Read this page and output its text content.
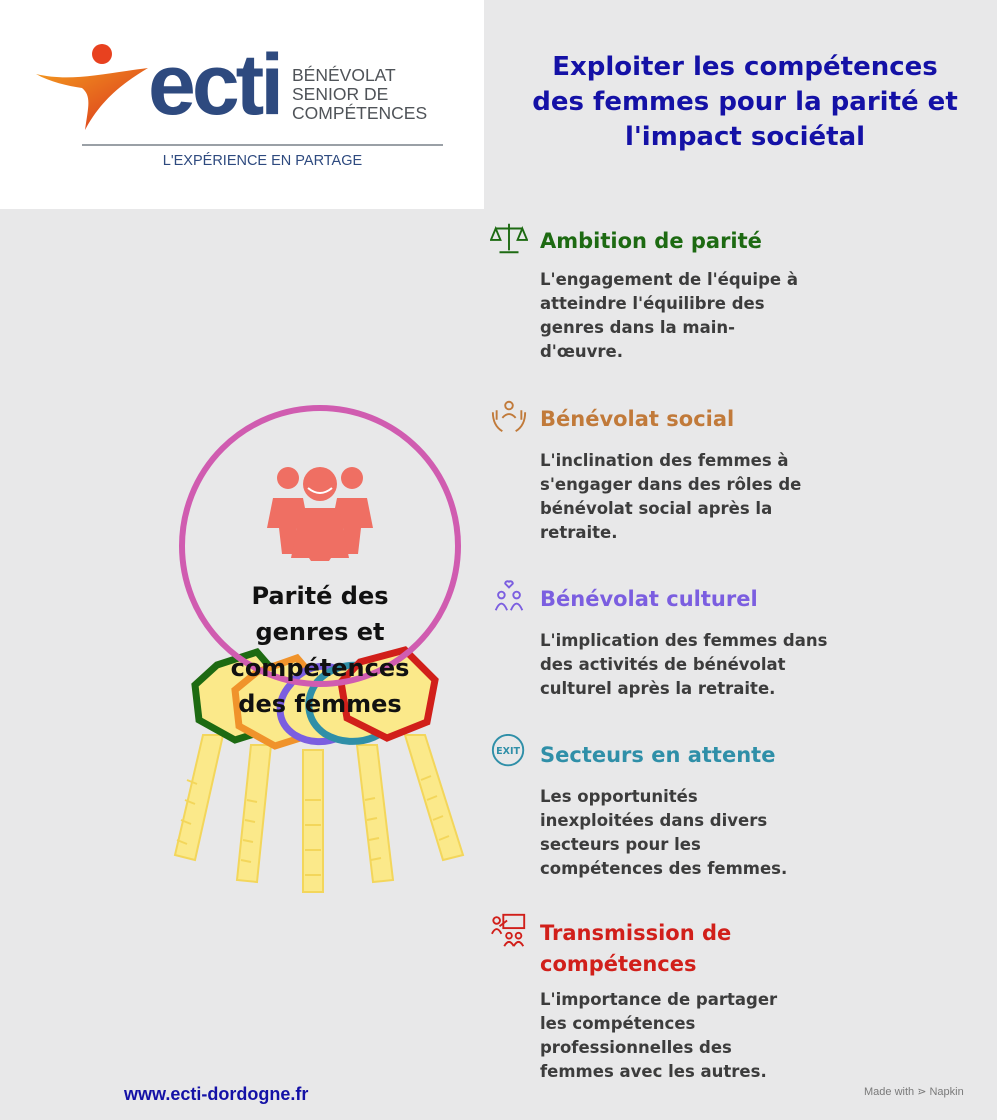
ecti BÉNÉVOLAT
SENIOR DE
COMPÉTENCES
L'EXPÉRIENCE EN PARTAGE
Exploiter les compétences
des femmes pour la parité et
l'impact sociétal
Parité des genres et compétences des femmes
Ambition de parité
L'engagement de l'équipe à
atteindre l'équilibre des
genres dans la main-
d'œuvre.
Bénévolat social
L'inclination des femmes à
s'engager dans des rôles de
bénévolat social après la
retraite.
Bénévolat culturel
L'implication des femmes dans
des activités de bénévolat
culturel après la retraite.
EXIT Secteurs en attente
Les opportunités
inexploitées dans divers
secteurs pour les
compétences des femmes.
Transmission de
compétences
L'importance de partager
les compétences
professionnelles des
femmes avec les autres.
www.ecti-dordogne.fr	Made with ⋗ Napkin
